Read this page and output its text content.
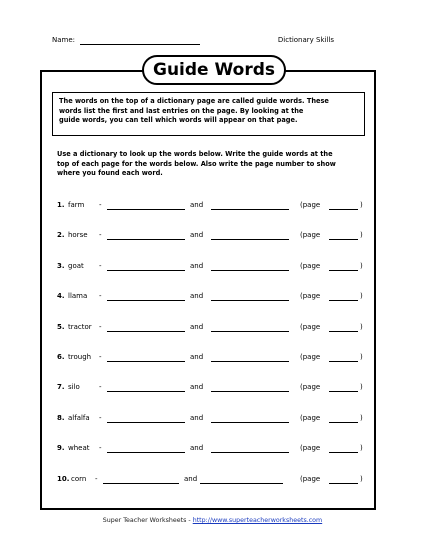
Name:	Dictionary Skills
Guide Words
The words on the top of a dictionary page are called guide words. These
words list the first and last entries on the page. By looking at the
guide words, you can tell which words will appear on that page.
Use a dictionary to look up the words below. Write the guide words at the
top of each page for the words below. Also write the page number to show
where you found each word.
1. farm -	and	(page	)
2. horse -	and	(page	)
3. goat -	and	(page	)
4. llama -	and	(page	)
5. tractor -	and	(page	)
6. trough -	and	(page	)
7. silo	-	and	(page	)
8. alfalfa -	and	(page	)
9. wheat -	and	(page	)
10. corn -	and	(page	)
Super Teacher Worksheets - http://www.superteacherworksheets.com
